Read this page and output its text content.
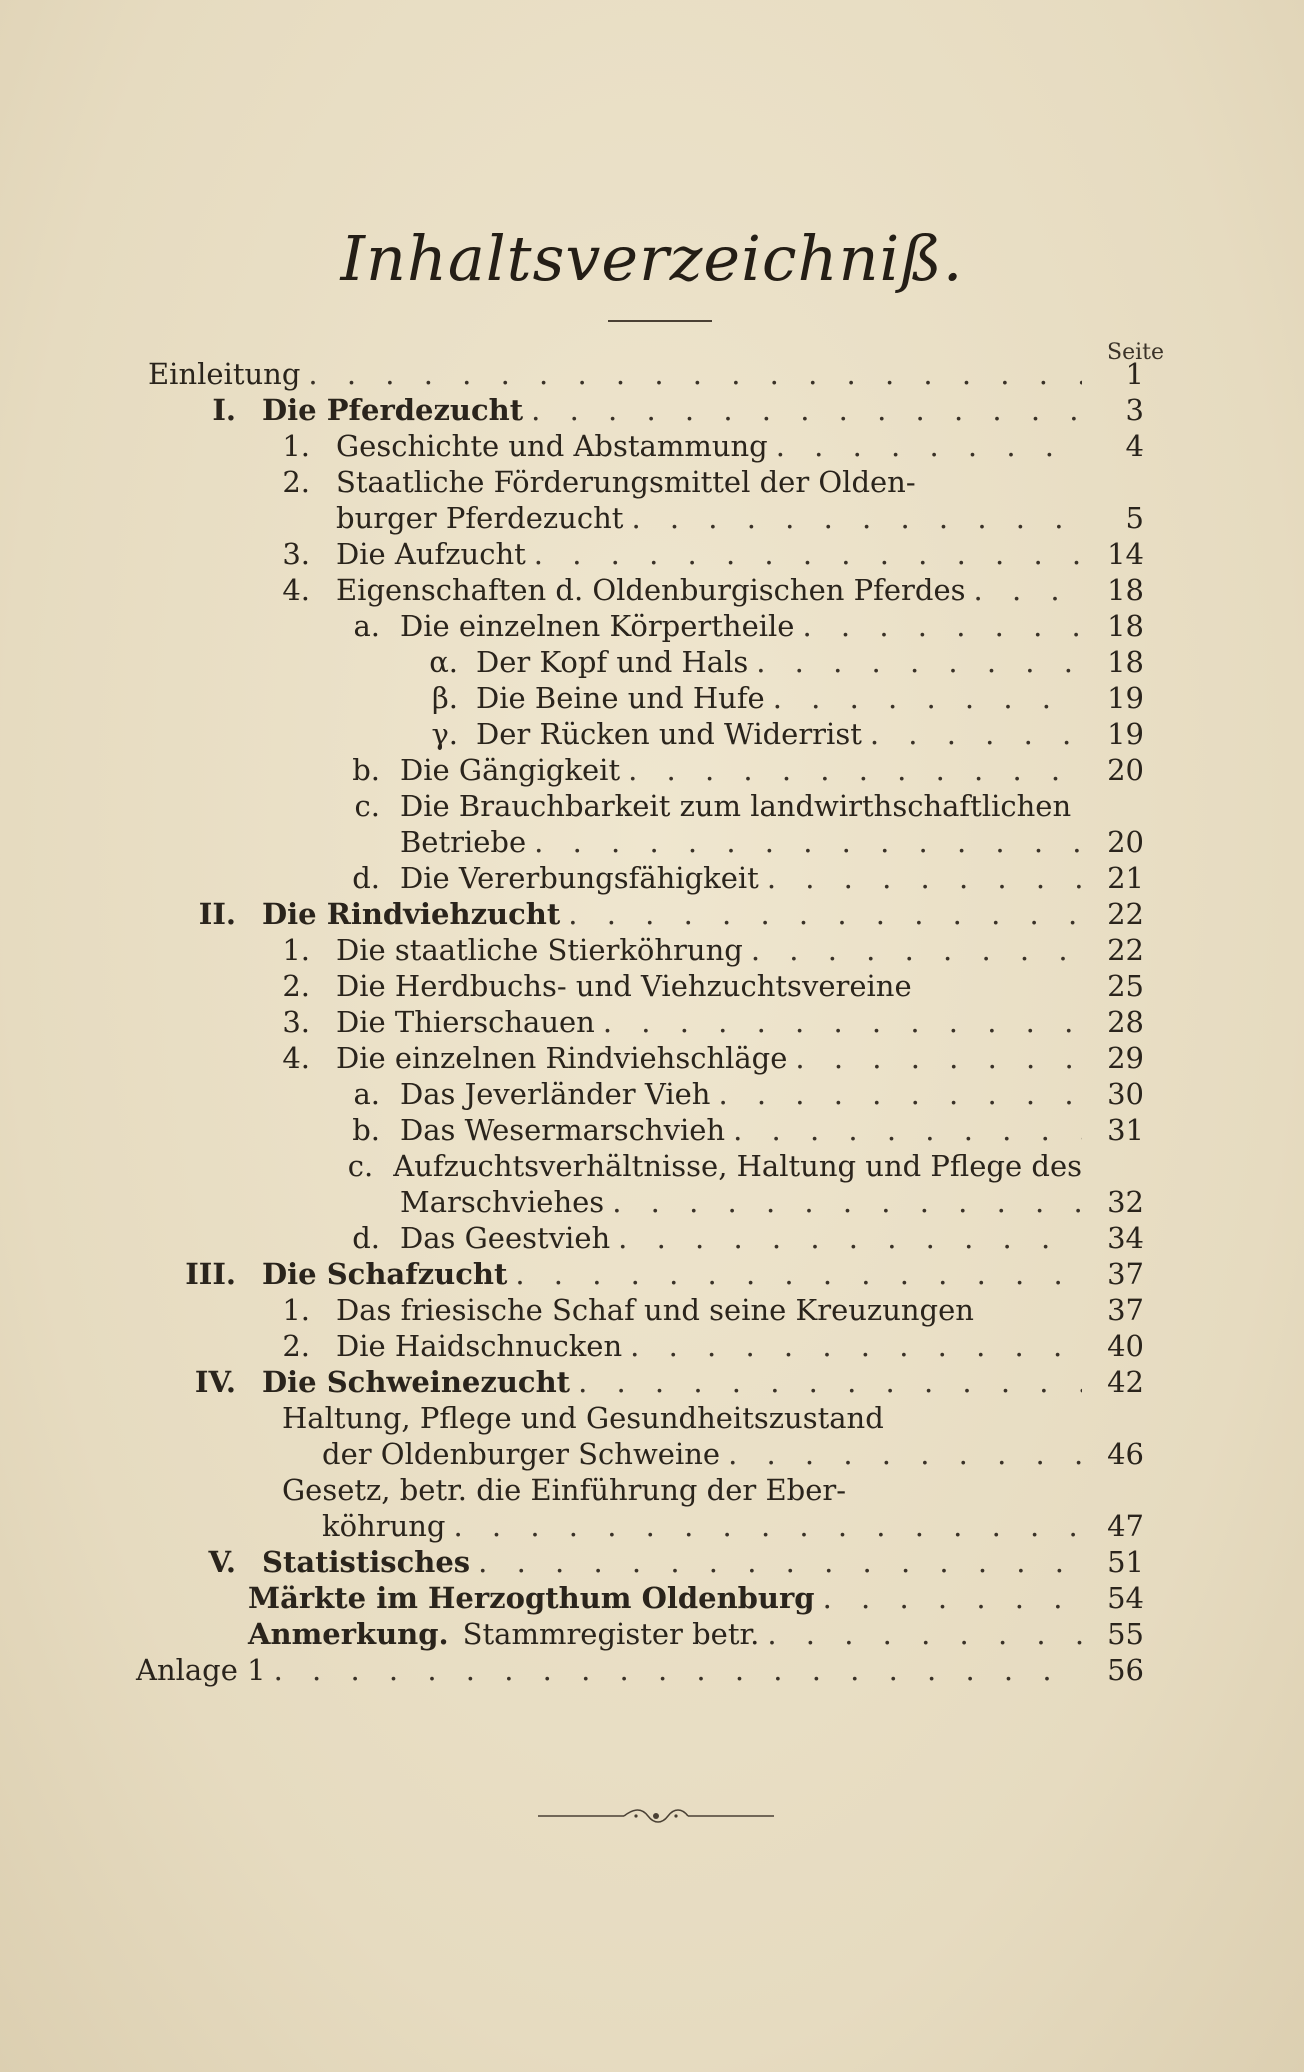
Inhaltsverzeichniß.
Seite
Einleitung . . .	1
I. Die Pferdezucht . . .	3
1. Geschichte und Abstammung . . .	4
2. Staatliche Förderungsmittel der Olden-
burger Pferdezucht . . .	5
3. Die Aufzucht . . .	14
4. Eigenschaften d. Oldenburgischen Pferdes . . .	18
a. Die einzelnen Körpertheile . . .	18
α. Der Kopf und Hals . . .	18
β. Die Beine und Hufe . . .	19
γ. Der Rücken und Widerrist . . .	19
b. Die Gängigkeit . . .	20
c. Die Brauchbarkeit zum landwirthschaftlichen
Betriebe . . .	20
d. Die Vererbungsfähigkeit . . .	21
II. Die Rindviehzucht . . .	22
1. Die staatliche Stierköhrung . . .	22
2. Die Herdbuchs- und Viehzuchtsvereine	25
3. Die Thierschauen . . .	28
4. Die einzelnen Rindviehschläge . . .	29
a. Das Jeverländer Vieh . . .	30
b. Das Wesermarschvieh . . .	31
c. Aufzuchtsverhältnisse, Haltung und Pflege des
Marschviehes . . .	32
d. Das Geestvieh . . .	34
III. Die Schafzucht . . .	37
1. Das friesische Schaf und seine Kreuzungen	37
2. Die Haidschnucken . . .	40
IV. Die Schweinezucht . . .	42
Haltung, Pflege und Gesundheitszustand
der Oldenburger Schweine . . .	46
Gesetz, betr. die Einführung der Eber-
köhrung . . .	47
V. Statistisches . . .	51
Märkte im Herzogthum Oldenburg . . .	54
Anmerkung. Stammregister betr. . . .	55
Anlage 1 . . .	56
